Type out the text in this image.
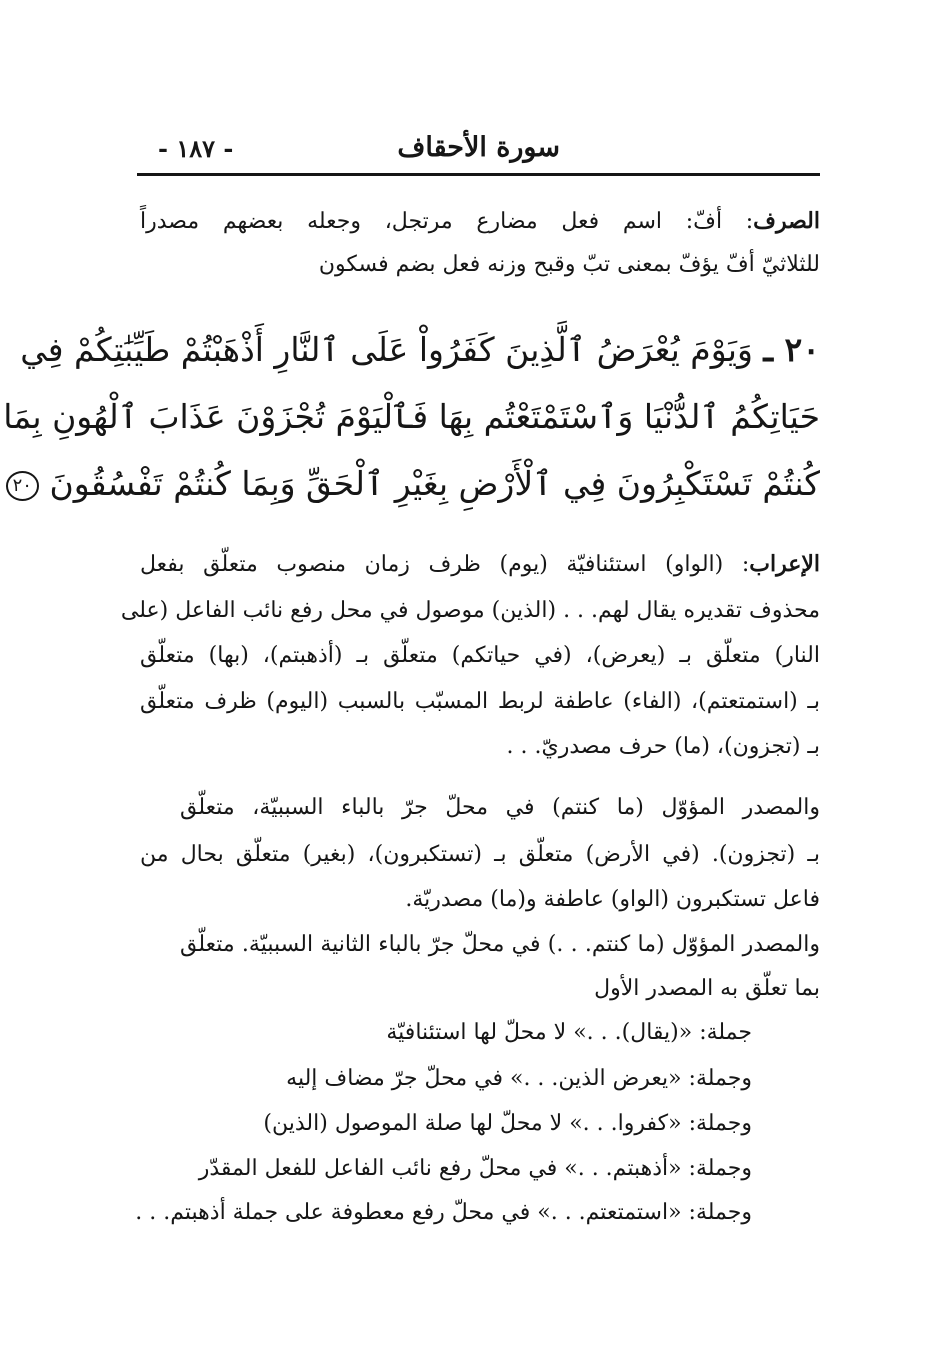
سورة الأحقاف
- ١٨٧ -

الصرف: أفّ: اسم فعل مضارع مرتجل، وجعله بعضهم مصدراً

للثلاثيّ أفّ يؤفّ بمعنى تبّ وقبح وزنه فعل بضم فسكون

٢٠ ـ وَيَوْمَ يُعْرَضُ ٱلَّذِينَ كَفَرُواْ عَلَى ٱلنَّارِ أَذْهَبْتُمْ طَيِّبَٰتِكُمْ فِي

حَيَاتِكُمُ ٱلدُّنْيَا وَٱسْتَمْتَعْتُم بِهَا فَٱلْيَوْمَ تُجْزَوْنَ عَذَابَ ٱلْهُونِ بِمَا

كُنتُمْ تَسْتَكْبِرُونَ فِي ٱلْأَرْضِ بِغَيْرِ ٱلْحَقِّ وَبِمَا كُنتُمْ تَفْسُقُونَ ٢٠

الإعراب: (الواو) استئنافيّة (يوم) ظرف زمان منصوب متعلّق بفعل

محذوف تقديره يقال لهم. . . (الذين) موصول في محل رفع نائب الفاعل (على

النار) متعلّق بـ (يعرض)، (في حياتكم) متعلّق بـ (أذهبتم)، (بها) متعلّق

بـ (استمتعتم)، (الفاء) عاطفة لربط المسبّب بالسبب (اليوم) ظرف متعلّق

بـ (تجزون)، (ما) حرف مصدريّ. . .

والمصدر المؤوّل (ما كنتم) في محلّ جرّ بالباء السببيّة، متعلّق

بـ (تجزون). (في الأرض) متعلّق بـ (تستكبرون)، (بغير) متعلّق بحال من

فاعل تستكبرون (الواو) عاطفة و(ما) مصدريّة.

والمصدر المؤوّل (ما كنتم. . .) في محلّ جرّ بالباء الثانية السببيّة. متعلّق

بما تعلّق به المصدر الأول

جملة: «(يقال). . .» لا محلّ لها استئنافيّة

وجملة: «يعرض الذين. . .» في محلّ جرّ مضاف إليه

وجملة: «كفروا. . .» لا محلّ لها صلة الموصول (الذين)

وجملة: «أذهبتم. . .» في محلّ رفع نائب الفاعل للفعل المقدّر

وجملة: «استمتعتم. . .» في محلّ رفع معطوفة على جملة أذهبتم. . .
